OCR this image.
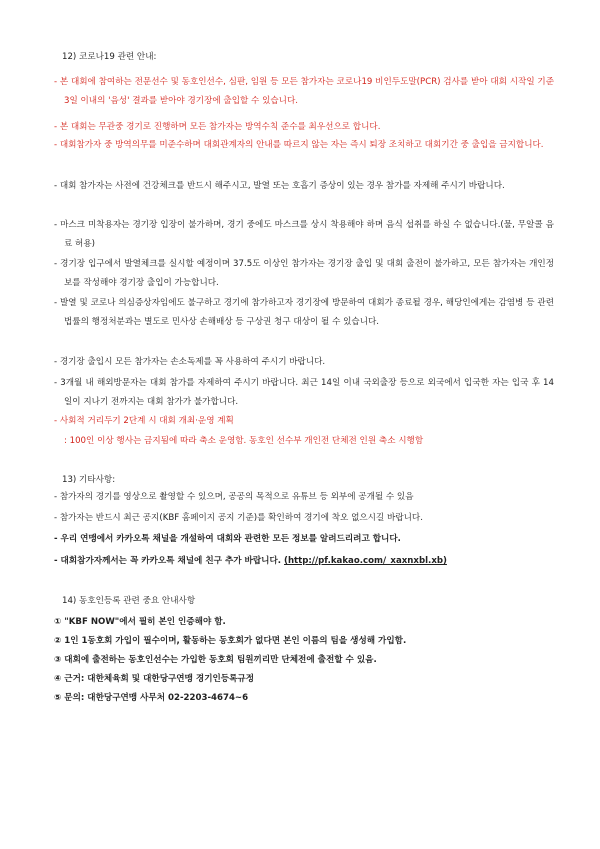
12) 코로나19 관련 안내:
- 본 대회에 참여하는 전문선수 및 동호인선수, 심판, 임원 등 모든 참가자는 코로나19 비인두도말(PCR) 검사를 받아 대회 시작일 기준 3일 이내의 '음성' 결과를 받아야 경기장에 출입할 수 있습니다.
- 본 대회는 무관중 경기로 진행하며 모든 참가자는 방역수칙 준수를 최우선으로 합니다.
- 대회참가자 중 방역의무를 미준수하며 대회관계자의 안내를 따르지 않는 자는 즉시 퇴장 조치하고 대회기간 중 출입을 금지합니다.
- 대회 참가자는 사전에 건강체크를 반드시 해주시고, 발열 또는 호흡기 증상이 있는 경우 참가를 자제해 주시기 바랍니다.
- 마스크 미착용자는 경기장 입장이 불가하며, 경기 중에도 마스크를 상시 착용해야 하며 음식 섭취를 하실 수 없습니다.(물, 무알콜 음료 허용)
- 경기장 입구에서 발열체크를 실시할 예정이며 37.5도 이상인 참가자는 경기장 출입 및 대회 출전이 불가하고, 모든 참가자는 개인정보를 작성해야 경기장 출입이 가능합니다.
- 발열 및 코로나 의심증상자임에도 불구하고 경기에 참가하고자 경기장에 방문하여 대회가 종료될 경우, 해당인에게는 감염병 등 관련 법률의 행정처분과는 별도로 민사상 손해배상 등 구상권 청구 대상이 될 수 있습니다.
- 경기장 출입시 모든 참가자는 손소독제를 꼭 사용하여 주시기 바랍니다.
- 3개월 내 해외방문자는 대회 참가를 자제하여 주시기 바랍니다. 최근 14일 이내 국외출장 등으로 외국에서 입국한 자는 입국 후 14일이 지나기 전까지는 대회 참가가 불가합니다.
- 사회적 거리두기 2단계 시 대회 개최·운영 계획
: 100인 이상 행사는 금지됨에 따라 축소 운영함. 동호인 선수부 개인전 단체전 인원 축소 시행함
13) 기타사항:
- 참가자의 경기를 영상으로 촬영할 수 있으며, 공공의 목적으로 유튜브 등 외부에 공개될 수 있음
- 참가자는 반드시 최근 공지(KBF 홈페이지 공지 기준)를 확인하여 경기에 착오 없으시길 바랍니다.
- 우리 연맹에서 카카오톡 채널을 개설하여 대회와 관련한 모든 정보를 알려드리려고 합니다.
- 대회참가자께서는 꼭 카카오톡 채널에 친구 추가 바랍니다. (http://pf.kakao.com/_xaxnxbl.xb)
14) 동호인등록 관련 중요 안내사항
① "KBF NOW"에서 필히 본인 인증해야 함.
② 1인 1동호회 가입이 필수이며, 활동하는 동호회가 없다면 본인 이름의 팀을 생성해 가입함.
③ 대회에 출전하는 동호인선수는 가입한 동호회 팀원끼리만 단체전에 출전할 수 있음.
④ 근거: 대한체육회 및 대한당구연맹 경기인등록규정
⑤ 문의: 대한당구연맹 사무처 02-2203-4674~6
